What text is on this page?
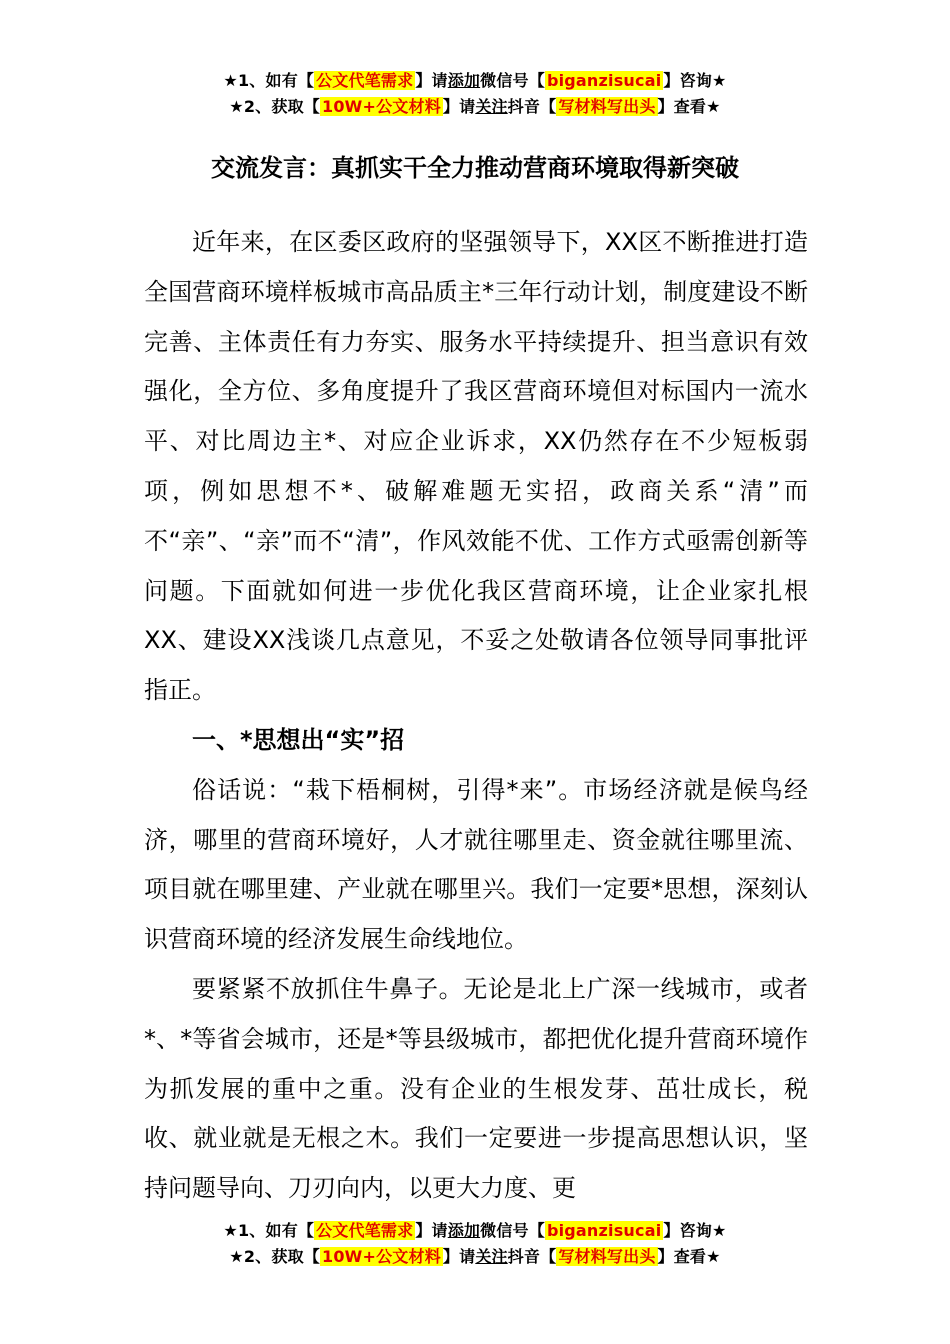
★1、如有【 公文代笔需求 】请添加微信号【 biganzisucai 】咨询★
★2、获取【 10W+公文材料 】请关注抖音【 写材料写出头 】查看★
交流发言：真抓实干全力推动营商环境取得新突破

近年来，在区委区政府的坚强领导下，XX区不断推进打造全国营商环境样板城市高品质主*三年行动计划，制度建设不断完善、主体责任有力夯实、服务水平持续提升、担当意识有效强化，全方位、多角度提升了我区营商环境但对标国内一流水平、对比周边主*、对应企业诉求，XX仍然存在不少短板弱项，例如思想不*、破解难题无实招，政商关系“清”而不“亲”、“亲”而不“清”，作风效能不优、工作方式亟需创新等问题。下面就如何进一步优化我区营商环境，让企业家扎根XX、建设XX浅谈几点意见，不妥之处敬请各位领导同事批评指正。

一、*思想出“实”招

俗话说：“栽下梧桐树，引得*来”。市场经济就是候鸟经济，哪里的营商环境好，人才就往哪里走、资金就往哪里流、项目就在哪里建、产业就在哪里兴。我们一定要*思想，深刻认识营商环境的经济发展生命线地位。

要紧紧不放抓住牛鼻子。无论是北上广深一线城市，或者*、*等省会城市，还是*等县级城市，都把优化提升营商环境作为抓发展的重中之重。没有企业的生根发芽、茁壮成长，税收、就业就是无根之木。我们一定要进一步提高思想认识，坚持问题导向、刀刃向内，以更大力度、更

★1、如有【 公文代笔需求 】请添加微信号【 biganzisucai 】咨询★
★2、获取【 10W+公文材料 】请关注抖音【 写材料写出头 】查看★
